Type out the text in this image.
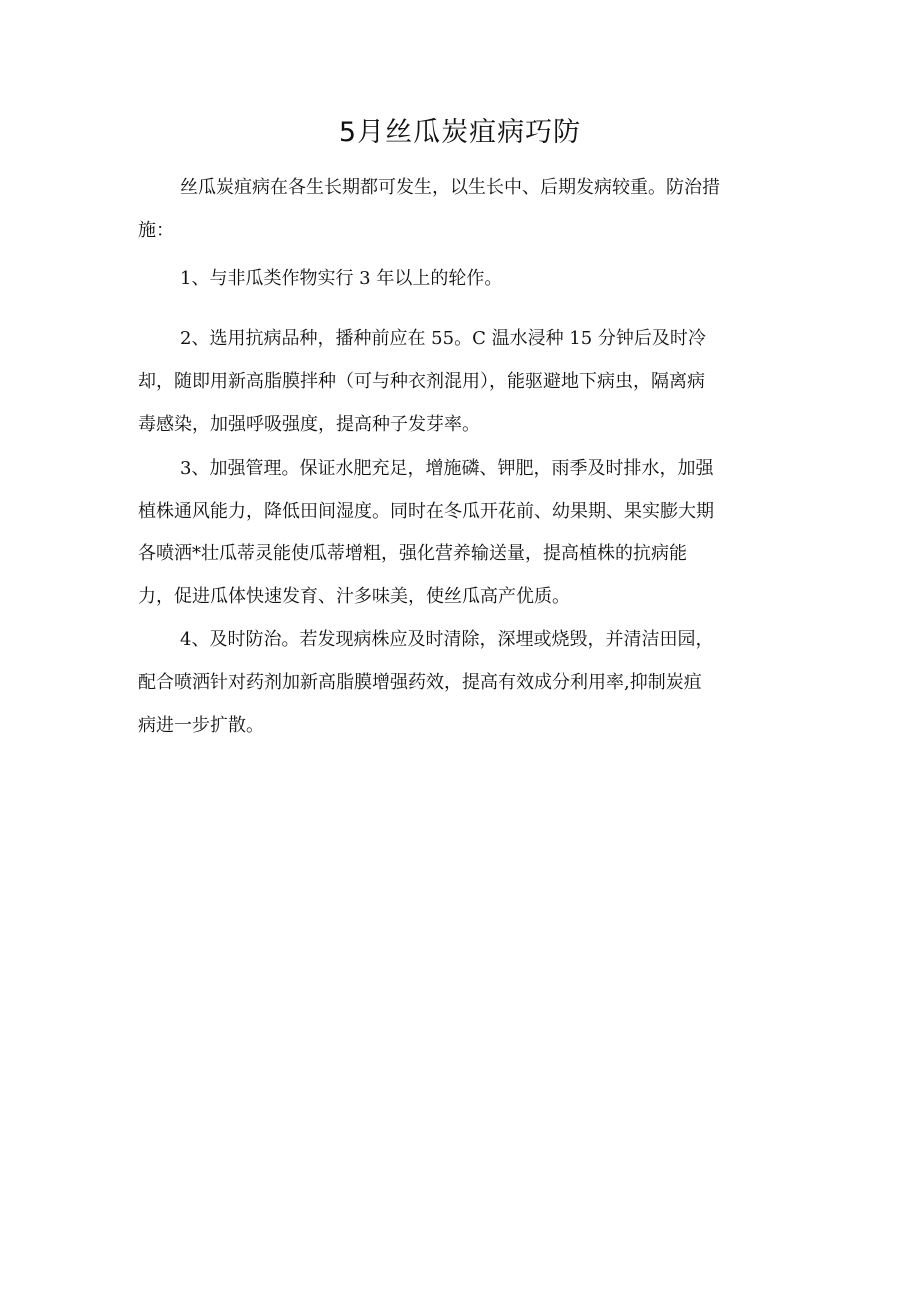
5月丝瓜炭疽病巧防
丝瓜炭疽病在各生长期都可发生，以生长中、后期发病较重。防治措
施：
1、与非瓜类作物实行 3 年以上的轮作。
2、选用抗病品种，播种前应在 55。C 温水浸种 15 分钟后及时冷
却，随即用新高脂膜拌种（可与种衣剂混用），能驱避地下病虫，隔离病
毒感染，加强呼吸强度，提高种子发芽率。
3、加强管理。保证水肥充足，增施磷、钾肥，雨季及时排水，加强
植株通风能力，降低田间湿度。同时在冬瓜开花前、幼果期、果实膨大期
各喷洒*壮瓜蒂灵能使瓜蒂增粗，强化营养输送量，提高植株的抗病能
力，促进瓜体快速发育、汁多味美，使丝瓜高产优质。
4、及时防治。若发现病株应及时清除，深埋或烧毁，并清洁田园，
配合喷洒针对药剂加新高脂膜增强药效，提高有效成分利用率,抑制炭疽
病进一步扩散。
